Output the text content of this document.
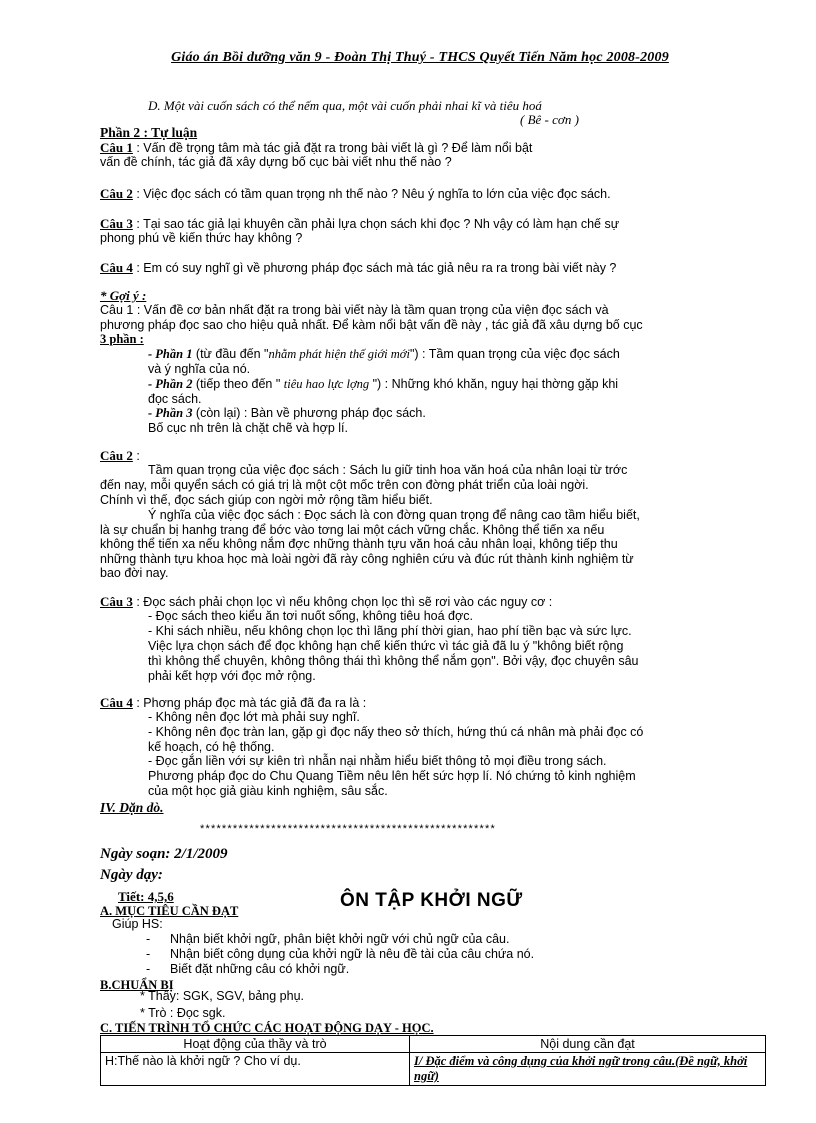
Giáo án Bồi dưỡng văn 9 - Đoàn Thị Thuý - THCS Quyết Tiến Năm học 2008-2009
D. Một vài cuốn sách có thể nếm qua, một vài cuốn phải nhai kĩ và tiêu hoá
( Bê - cơn )
Phần 2 : Tự luận
Câu 1 : Vấn đề trọng tâm mà tác giả đặt ra trong bài viết là gì ? Để làm nổi bật
vấn đề chính, tác giả đã xây dựng bố cục bài viết nhu thế nào ?
Câu 2 : Việc đọc sách có tầm quan trọng nh thế nào ? Nêu ý nghĩa to lớn của việc đọc sách.
Câu 3 : Tại sao tác giả lại khuyên cần phải lựa chọn sách khi đọc ? Nh vậy có làm hạn chế sự
phong phú về kiến thức hay không ?
Câu 4 : Em có suy nghĩ gì về phương pháp đọc sách mà tác giả nêu ra ra trong bài viết này ?
* Gợi ý :
Câu 1 : Vấn đề cơ bản nhất đặt ra trong bài viết này là tầm quan trọng của viện đọc sách và
phương pháp đọc sao cho hiệu quả nhất. Để kàm nổi bật vấn đề này , tác giả đã xâu dựng bố cục
3 phần :
- Phần 1 (từ đầu đến "nhằm phát hiện thế giới mới") : Tầm quan trọng của việc đọc sách
và ý nghĩa của nó.
- Phần 2 (tiếp theo đến " tiêu hao lực lợng ") : Những khó khăn, nguy hại thờng gặp khi
đọc sách.
- Phần 3 (còn lại) : Bàn về phương pháp đọc sách.
Bố cục nh trên là chặt chẽ và hợp lí.
Câu 2 :
Tầm quan trọng của việc đọc sách : Sách lu giữ tinh hoa văn hoá của nhân loại từ trớc
đến nay, mỗi quyển sách có giá trị là một cột mốc trên con đờng phát triển của loài ngời.
Chính vì thế, đọc sách giúp con ngời mở rộng tầm hiểu biết.
Ý nghĩa của việc đọc sách : Đọc sách là con đờng quan trọng để nâng cao tầm hiểu biết,
là sự chuẩn bị hanhg trang để bớc vào tơng lai một cách vững chắc. Không thể tiến xa nếu
không thể tiến xa nếu không nắm đợc những thành tựu văn hoá cảu nhân loại, không tiếp thu
những thành tựu khoa học mà loài ngời đã rày công nghiên cứu và đúc rút thành kinh nghiệm từ
bao đời nay.
Câu 3 : Đọc sách phải chọn lọc vì nếu không chọn lọc thì sẽ rơi vào các nguy cơ :
- Đọc sách theo kiểu ăn tơi nuốt sống, không tiêu hoá đợc.
- Khi sách nhiều, nếu không chọn lọc thì lãng phí thời gian, hao phí tiền bạc và sức lực.
Việc lựa chọn sách để đọc không hạn chế kiến thức vì tác giả đã lu ý "không biết rộng
thì không thể chuyên, không thông thái thì không thể nắm gọn". Bởi vậy, đọc chuyên sâu
phải kết hợp với đọc mở rộng.
Câu 4 : Phơng pháp đọc mà tác giả đã đa ra là :
- Không nên đọc lớt mà phải suy nghĩ.
- Không nên đọc tràn lan, gặp gì đọc nấy theo sở thích, hứng thú cá nhân mà phải đọc có
kế hoạch, có hệ thống.
- Đọc gắn liền với sự kiên trì nhẫn nại nhằm hiểu biết thông tỏ mọi điều trong sách.
Phương pháp đọc do Chu Quang Tiềm nêu lên hết sức hợp lí. Nó chứng tỏ kinh nghiệm
của một học giả giàu kinh nghiệm, sâu sắc.
IV. Dặn dò.
******************************************************
Ngày soạn: 2/1/2009
Ngày dạy:
Tiết: 4,5,6	ÔN TẬP KHỞI NGỮ
A. MỤC TIÊU CẦN ĐẠT
Giúp HS:
- Nhận biết khởi ngữ, phân biệt khởi ngữ với chủ ngữ của câu.
- Nhận biết công dụng của khởi ngữ là nêu đề tài của câu chứa nó.
- Biết đặt những câu có khởi ngữ.
B.CHUẨN BỊ
* Thầy: SGK, SGV, bảng phụ.
* Trò : Đọc sgk.
C. TIẾN TRÌNH TỔ CHỨC CÁC HOẠT ĐỘNG DẠY - HỌC.
Hoạt động của thầy và trò	Nội dung cần đạt
H:Thế nào là khởi ngữ ? Cho ví dụ.	I/ Đặc điểm và công dụng của khởi ngữ trong câu.(Đề ngữ, khởi ngữ)
